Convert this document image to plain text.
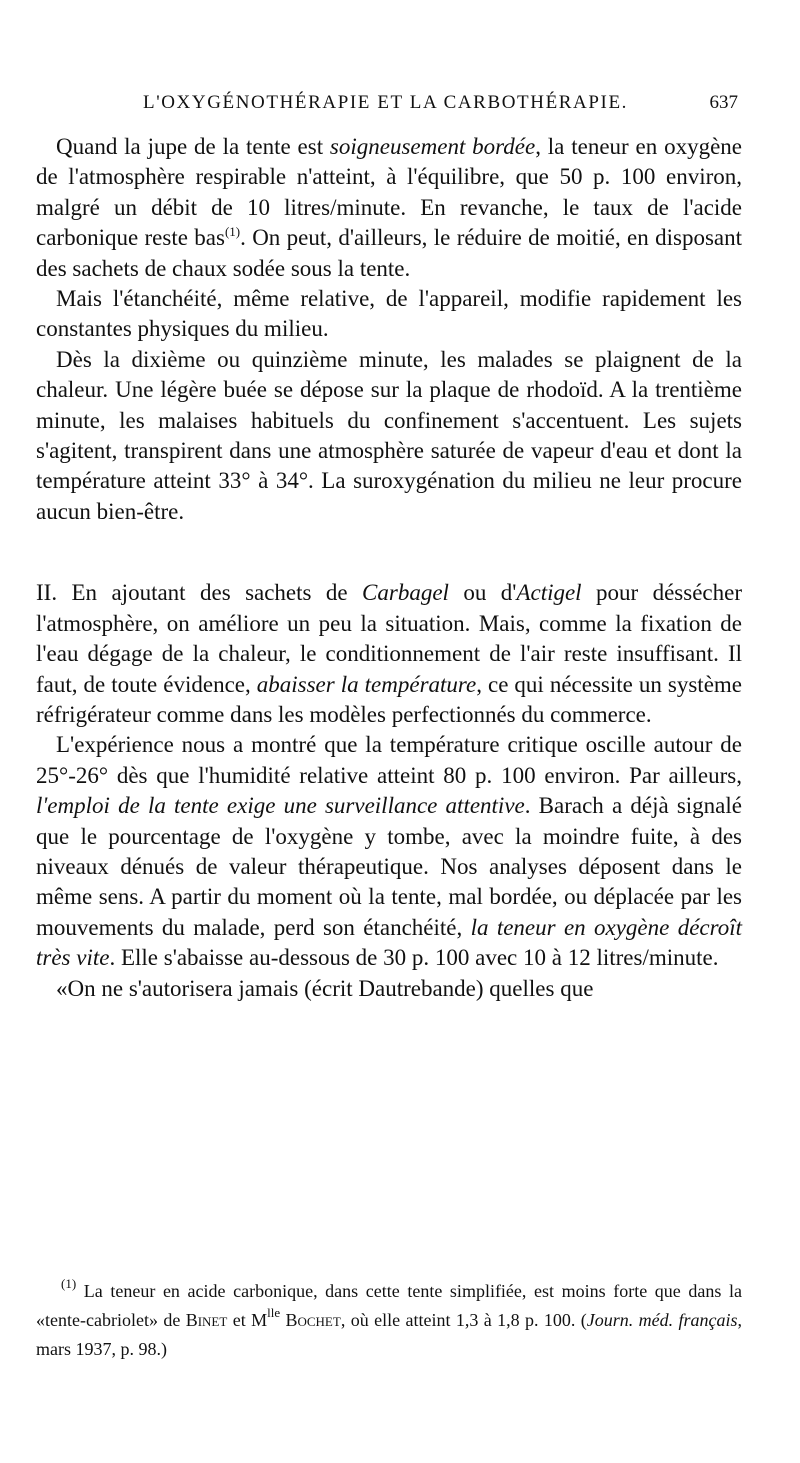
L'OXYGÉNOTHÉRAPIE ET LA CARBOTHÉRAPIE.	637

Quand la jupe de la tente est soigneusement bordée, la teneur en oxygène de l'atmosphère respirable n'atteint, à l'équilibre, que 50 p. 100 environ, malgré un débit de 10 litres/minute. En revanche, le taux de l'acide carbonique reste bas$^{(1)}$. On peut, d'ailleurs, le réduire de moitié, en disposant des sachets de chaux sodée sous la tente.

Mais l'étanchéité, même relative, de l'appareil, modifie rapidement les constantes physiques du milieu.

Dès la dixième ou quinzième minute, les malades se plaignent de la chaleur. Une légère buée se dépose sur la plaque de rhodoïd. A la trentième minute, les malaises habituels du confinement s'accentuent. Les sujets s'agitent, transpirent dans une atmosphère saturée de vapeur d'eau et dont la température atteint 33° à 34°. La suroxygénation du milieu ne leur procure aucun bien-être.

II. En ajoutant des sachets de Carbagel ou d'Actigel pour déssécher l'atmosphère, on améliore un peu la situation. Mais, comme la fixation de l'eau dégage de la chaleur, le conditionnement de l'air reste insuffisant. Il faut, de toute évidence, abaisser la température, ce qui nécessite un système réfrigérateur comme dans les modèles perfectionnés du commerce.

L'expérience nous a montré que la température critique oscille autour de 25°-26° dès que l'humidité relative atteint 80 p. 100 environ. Par ailleurs, l'emploi de la tente exige une surveillance attentive. Barach a déjà signalé que le pourcentage de l'oxygène y tombe, avec la moindre fuite, à des niveaux dénués de valeur thérapeutique. Nos analyses déposent dans le même sens. A partir du moment où la tente, mal bordée, ou déplacée par les mouvements du malade, perd son étanchéité, la teneur en oxygène décroît très vite. Elle s'abaisse au-dessous de 30 p. 100 avec 10 à 12 litres/minute.

«On ne s'autorisera jamais (écrit Dautrebande) quelles que

$^{(1)}$ La teneur en acide carbonique, dans cette tente simplifiée, est moins forte que dans la «tente-cabriolet» de Binet et $M^{lle}$ Bochet, où elle atteint 1,3 à 1,8 p. 100. (Journ. méd. français, mars 1937, p. 98.)
